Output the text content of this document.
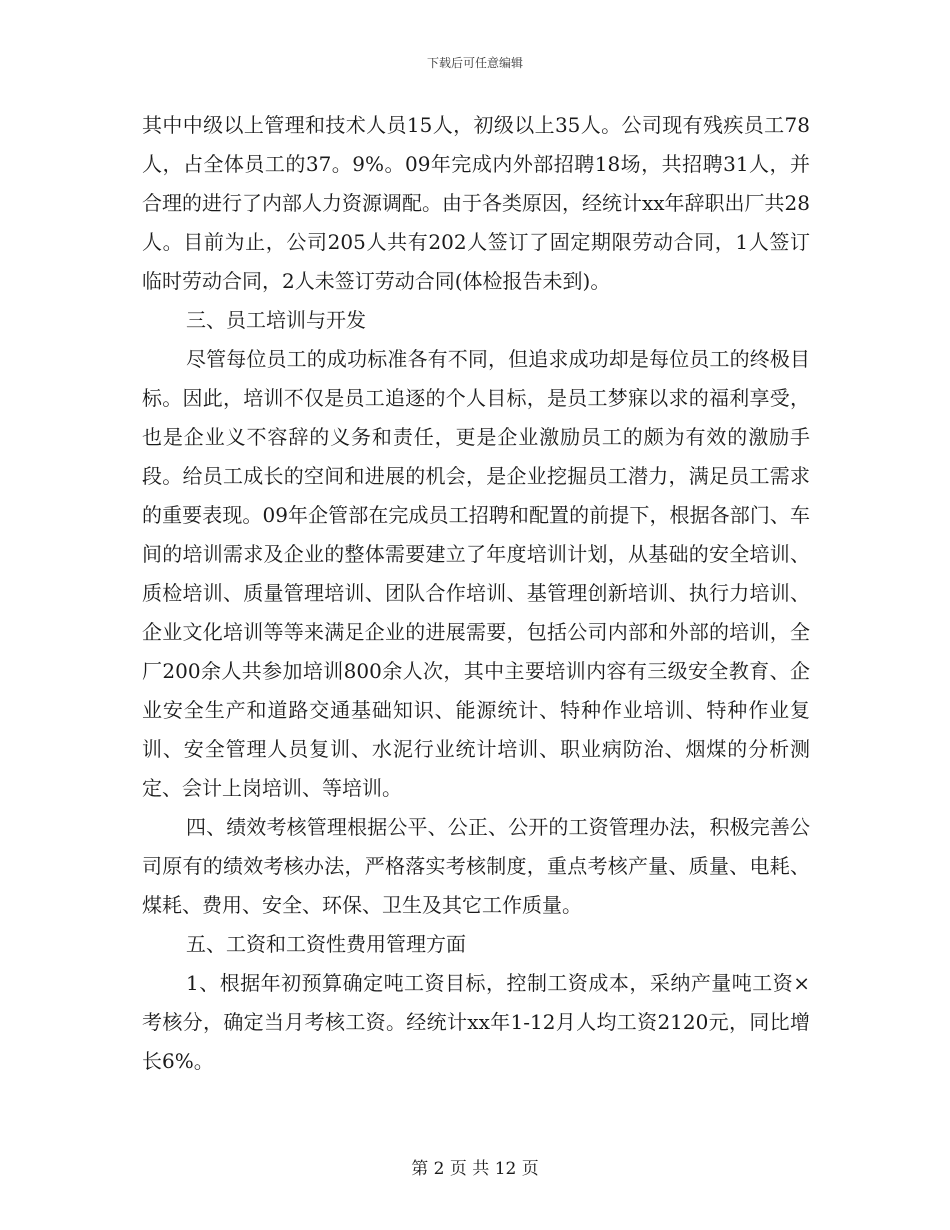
下载后可任意编辑

其中中级以上管理和技术人员15人，初级以上35人。公司现有残疾员工78人，占全体员工的37。9%。09年完成内外部招聘18场，共招聘31人，并合理的进行了内部人力资源调配。由于各类原因，经统计xx年辞职出厂共28人。目前为止，公司205人共有202人签订了固定期限劳动合同，1人签订临时劳动合同，2人未签订劳动合同(体检报告未到)。

三、员工培训与开发

尽管每位员工的成功标准各有不同，但追求成功却是每位员工的终极目标。因此，培训不仅是员工追逐的个人目标，是员工梦寐以求的福利享受，也是企业义不容辞的义务和责任，更是企业激励员工的颇为有效的激励手段。给员工成长的空间和进展的机会，是企业挖掘员工潜力，满足员工需求的重要表现。09年企管部在完成员工招聘和配置的前提下，根据各部门、车间的培训需求及企业的整体需要建立了年度培训计划，从基础的安全培训、质检培训、质量管理培训、团队合作培训、基管理创新培训、执行力培训、企业文化培训等等来满足企业的进展需要，包括公司内部和外部的培训，全厂200余人共参加培训800余人次，其中主要培训内容有三级安全教育、企业安全生产和道路交通基础知识、能源统计、特种作业培训、特种作业复训、安全管理人员复训、水泥行业统计培训、职业病防治、烟煤的分析测定、会计上岗培训、等培训。

四、绩效考核管理根据公平、公正、公开的工资管理办法，积极完善公司原有的绩效考核办法，严格落实考核制度，重点考核产量、质量、电耗、煤耗、费用、安全、环保、卫生及其它工作质量。

五、工资和工资性费用管理方面

1、根据年初预算确定吨工资目标，控制工资成本，采纳产量吨工资×考核分，确定当月考核工资。经统计xx年1-12月人均工资2120元，同比增长6%。

第 2 页 共 12 页
